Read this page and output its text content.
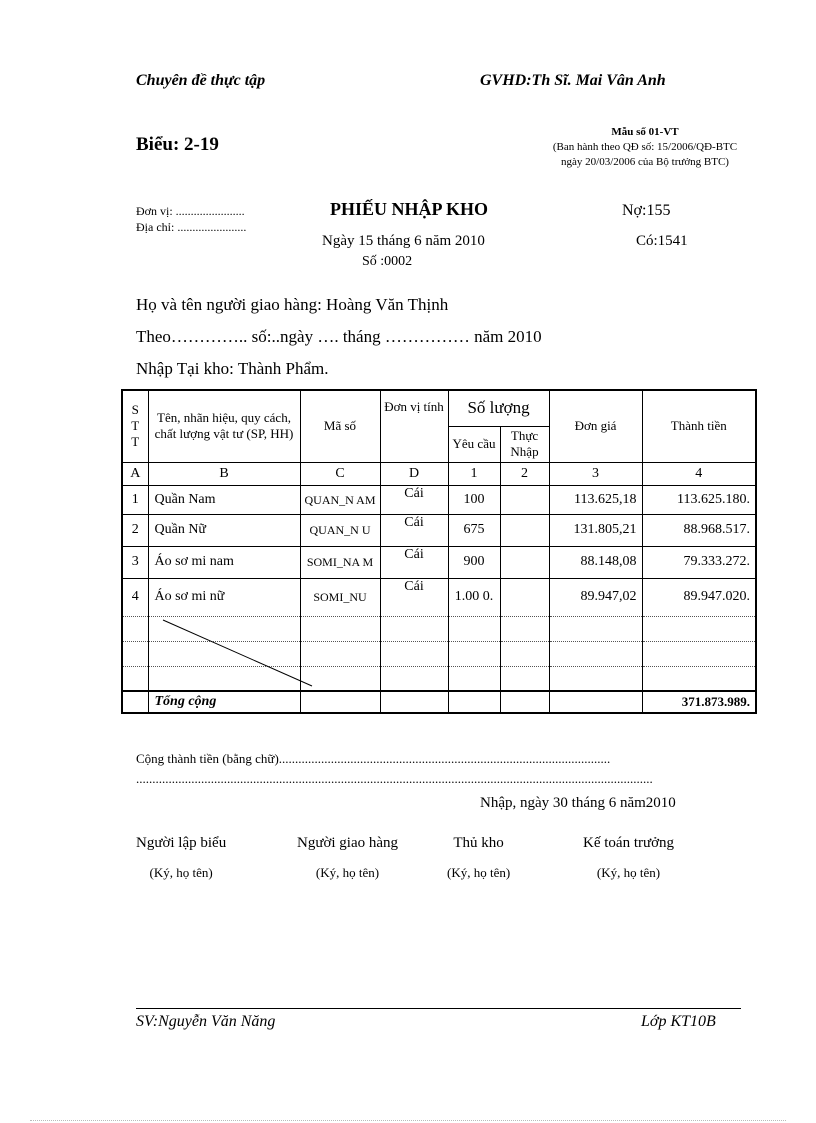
Chuyên đề thực tập	GVHD:Th Sĩ. Mai Vân Anh
Biểu: 2-19
Mẫu số 01-VT
(Ban hành theo QĐ số: 15/2006/QĐ-BTC
ngày 20/03/2006 của Bộ trưởng BTC)
Đơn vị: .......................
Địa chỉ: .......................
PHIẾU NHẬP KHO	Nợ:155
Ngày 15 tháng 6 năm 2010	Có:1541
Số :0002
Họ và tên người giao hàng: Hoàng Văn Thịnh
Theo………….. số:..ngày …. tháng …………… năm 2010
Nhập Tại kho: Thành Phẩm.
S
T
T	Tên, nhãn hiệu, quy cách, chất lượng vật tư (SP, HH)	Mã số	Đơn vị tính	Số lượng		Đơn giá	Thành tiền
				Yêu cầu	Thực Nhập		
A	B	C	D	1	2	3	4
1	Quần Nam	QUAN_N AM	Cái	100		113.625,18	113.625.180.
2	Quần Nữ	QUAN_N U	Cái	675		131.805,21	88.968.517.
3	Áo sơ mi nam	SOMI_NA M	Cái	900		88.148,08	79.333.272.
4	Áo sơ mi nữ	SOMI_NU	Cái	1.00 0.		89.947,02	89.947.020.

	Tổng cộng						371.873.989.
Cộng thành tiền (bằng chữ)......................................................................................................
...............................................................................................................................................................
Nhập, ngày 30 tháng 6 năm2010
Người lập biểu
(Ký, họ tên)
Người giao hàng
(Ký, họ tên)
Thủ kho
(Ký, họ tên)
Kế toán trưởng
(Ký, họ tên)
SV:Nguyễn Văn Năng	Lớp KT10B
